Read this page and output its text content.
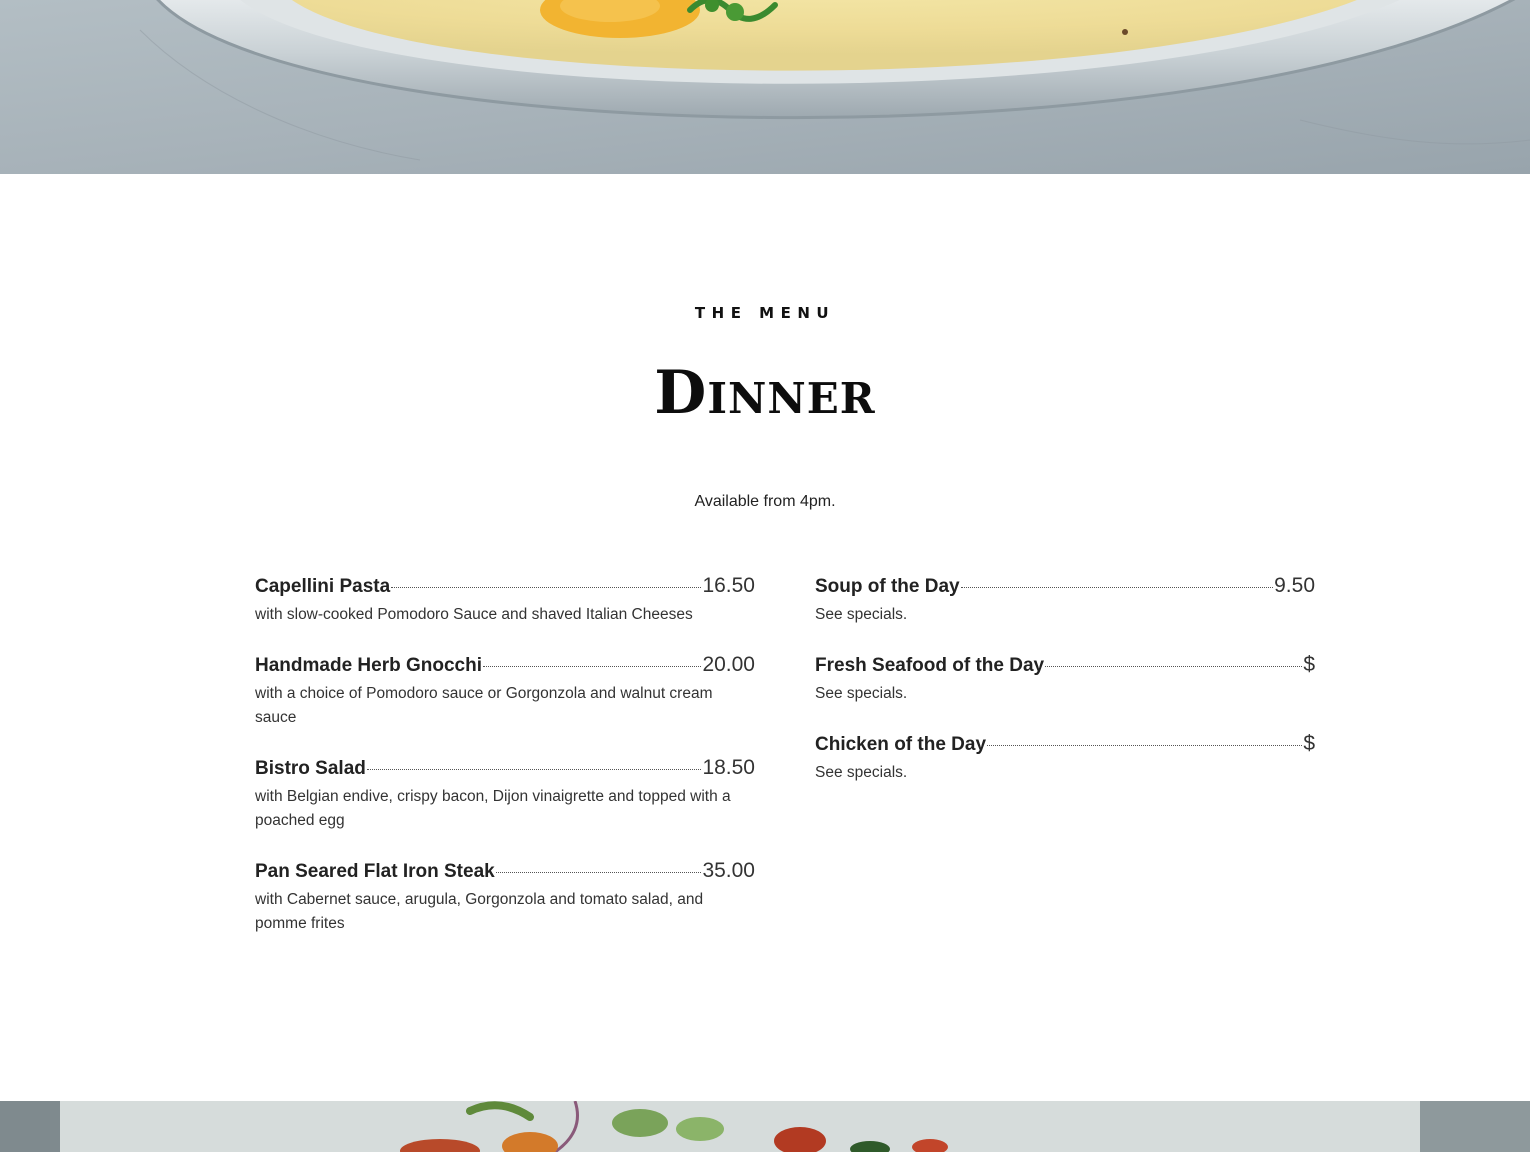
THE MENU
Dinner
Available from 4pm.
Capellini Pasta	16.50
with slow-cooked Pomodoro Sauce and shaved Italian Cheeses
Handmade Herb Gnocchi	20.00
with a choice of Pomodoro sauce or Gorgonzola and walnut cream sauce
Bistro Salad	18.50
with Belgian endive, crispy bacon, Dijon vinaigrette and topped with a poached egg
Pan Seared Flat Iron Steak	35.00
with Cabernet sauce, arugula, Gorgonzola and tomato salad, and pomme frites
Soup of the Day	9.50
See specials.
Fresh Seafood of the Day	$
See specials.
Chicken of the Day	$
See specials.
